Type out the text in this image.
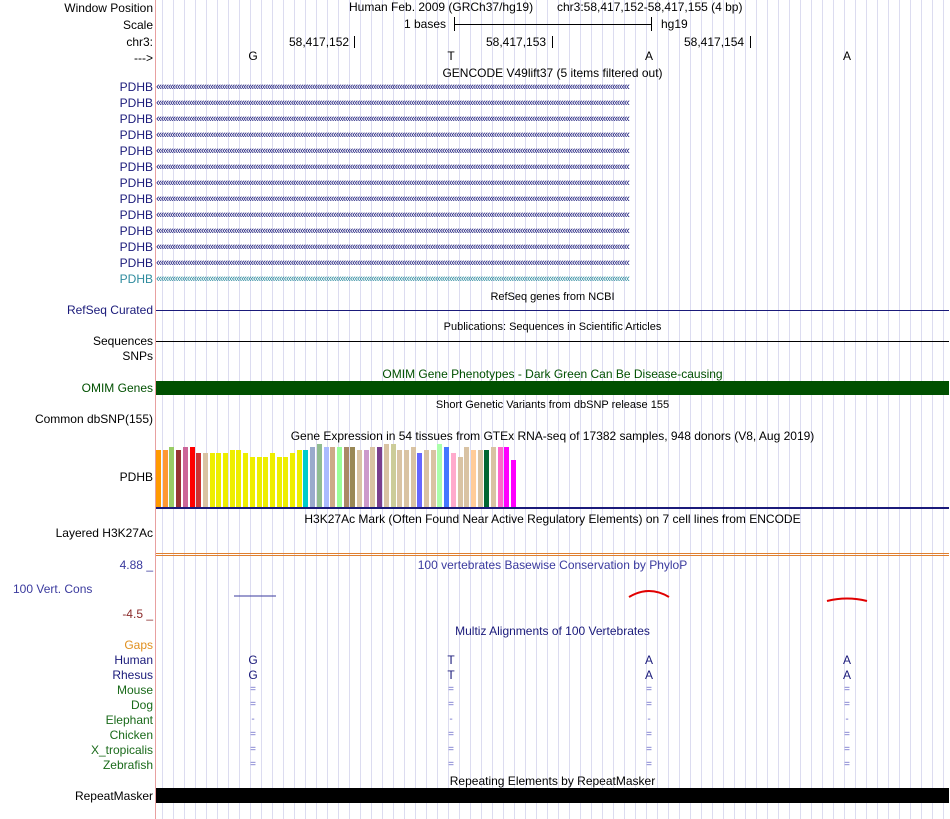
Window Position
Scale
chr3:
--->
Human Feb. 2009 (GRCh37/hg19) chr3:58,417,152-58,417,155 (4 bp)
1 bases	hg19
58,417,152	58,417,153	58,417,154
G	T	A	A
GENCODE V49lift37 (5 items filtered out)
PDHB ‹‹‹‹‹‹‹‹‹‹‹‹‹‹‹‹‹‹‹‹‹‹‹‹‹‹‹‹‹‹‹‹‹‹‹‹‹‹‹‹‹‹‹‹‹‹‹‹‹‹‹‹‹‹‹‹‹‹‹‹‹‹‹‹‹‹‹‹‹‹‹‹‹‹‹‹‹‹‹‹‹‹‹‹‹‹‹‹‹‹‹‹‹‹‹‹‹‹‹‹‹‹‹‹‹‹‹‹‹‹‹‹‹‹‹‹‹‹‹‹‹‹‹‹‹‹‹‹‹‹‹‹‹‹‹‹‹‹‹‹‹‹‹‹‹‹‹‹‹‹‹‹‹‹‹‹‹‹‹‹‹‹‹‹‹‹‹‹‹‹‹‹‹‹‹‹‹‹‹‹‹‹‹‹‹‹‹‹‹‹‹‹‹‹‹‹‹‹‹‹
PDHB ‹‹‹‹‹‹‹‹‹‹‹‹‹‹‹‹‹‹‹‹‹‹‹‹‹‹‹‹‹‹‹‹‹‹‹‹‹‹‹‹‹‹‹‹‹‹‹‹‹‹‹‹‹‹‹‹‹‹‹‹‹‹‹‹‹‹‹‹‹‹‹‹‹‹‹‹‹‹‹‹‹‹‹‹‹‹‹‹‹‹‹‹‹‹‹‹‹‹‹‹‹‹‹‹‹‹‹‹‹‹‹‹‹‹‹‹‹‹‹‹‹‹‹‹‹‹‹‹‹‹‹‹‹‹‹‹‹‹‹‹‹‹‹‹‹‹‹‹‹‹‹‹‹‹‹‹‹‹‹‹‹‹‹‹‹‹‹‹‹‹‹‹‹‹‹‹‹‹‹‹‹‹‹‹‹‹‹‹‹‹‹‹‹‹‹‹‹‹‹‹
PDHB ‹‹‹‹‹‹‹‹‹‹‹‹‹‹‹‹‹‹‹‹‹‹‹‹‹‹‹‹‹‹‹‹‹‹‹‹‹‹‹‹‹‹‹‹‹‹‹‹‹‹‹‹‹‹‹‹‹‹‹‹‹‹‹‹‹‹‹‹‹‹‹‹‹‹‹‹‹‹‹‹‹‹‹‹‹‹‹‹‹‹‹‹‹‹‹‹‹‹‹‹‹‹‹‹‹‹‹‹‹‹‹‹‹‹‹‹‹‹‹‹‹‹‹‹‹‹‹‹‹‹‹‹‹‹‹‹‹‹‹‹‹‹‹‹‹‹‹‹‹‹‹‹‹‹‹‹‹‹‹‹‹‹‹‹‹‹‹‹‹‹‹‹‹‹‹‹‹‹‹‹‹‹‹‹‹‹‹‹‹‹‹‹‹‹‹‹‹‹‹‹
PDHB ‹‹‹‹‹‹‹‹‹‹‹‹‹‹‹‹‹‹‹‹‹‹‹‹‹‹‹‹‹‹‹‹‹‹‹‹‹‹‹‹‹‹‹‹‹‹‹‹‹‹‹‹‹‹‹‹‹‹‹‹‹‹‹‹‹‹‹‹‹‹‹‹‹‹‹‹‹‹‹‹‹‹‹‹‹‹‹‹‹‹‹‹‹‹‹‹‹‹‹‹‹‹‹‹‹‹‹‹‹‹‹‹‹‹‹‹‹‹‹‹‹‹‹‹‹‹‹‹‹‹‹‹‹‹‹‹‹‹‹‹‹‹‹‹‹‹‹‹‹‹‹‹‹‹‹‹‹‹‹‹‹‹‹‹‹‹‹‹‹‹‹‹‹‹‹‹‹‹‹‹‹‹‹‹‹‹‹‹‹‹‹‹‹‹‹‹‹‹‹‹
PDHB ‹‹‹‹‹‹‹‹‹‹‹‹‹‹‹‹‹‹‹‹‹‹‹‹‹‹‹‹‹‹‹‹‹‹‹‹‹‹‹‹‹‹‹‹‹‹‹‹‹‹‹‹‹‹‹‹‹‹‹‹‹‹‹‹‹‹‹‹‹‹‹‹‹‹‹‹‹‹‹‹‹‹‹‹‹‹‹‹‹‹‹‹‹‹‹‹‹‹‹‹‹‹‹‹‹‹‹‹‹‹‹‹‹‹‹‹‹‹‹‹‹‹‹‹‹‹‹‹‹‹‹‹‹‹‹‹‹‹‹‹‹‹‹‹‹‹‹‹‹‹‹‹‹‹‹‹‹‹‹‹‹‹‹‹‹‹‹‹‹‹‹‹‹‹‹‹‹‹‹‹‹‹‹‹‹‹‹‹‹‹‹‹‹‹‹‹‹‹‹‹
PDHB ‹‹‹‹‹‹‹‹‹‹‹‹‹‹‹‹‹‹‹‹‹‹‹‹‹‹‹‹‹‹‹‹‹‹‹‹‹‹‹‹‹‹‹‹‹‹‹‹‹‹‹‹‹‹‹‹‹‹‹‹‹‹‹‹‹‹‹‹‹‹‹‹‹‹‹‹‹‹‹‹‹‹‹‹‹‹‹‹‹‹‹‹‹‹‹‹‹‹‹‹‹‹‹‹‹‹‹‹‹‹‹‹‹‹‹‹‹‹‹‹‹‹‹‹‹‹‹‹‹‹‹‹‹‹‹‹‹‹‹‹‹‹‹‹‹‹‹‹‹‹‹‹‹‹‹‹‹‹‹‹‹‹‹‹‹‹‹‹‹‹‹‹‹‹‹‹‹‹‹‹‹‹‹‹‹‹‹‹‹‹‹‹‹‹‹‹‹‹‹‹
PDHB ‹‹‹‹‹‹‹‹‹‹‹‹‹‹‹‹‹‹‹‹‹‹‹‹‹‹‹‹‹‹‹‹‹‹‹‹‹‹‹‹‹‹‹‹‹‹‹‹‹‹‹‹‹‹‹‹‹‹‹‹‹‹‹‹‹‹‹‹‹‹‹‹‹‹‹‹‹‹‹‹‹‹‹‹‹‹‹‹‹‹‹‹‹‹‹‹‹‹‹‹‹‹‹‹‹‹‹‹‹‹‹‹‹‹‹‹‹‹‹‹‹‹‹‹‹‹‹‹‹‹‹‹‹‹‹‹‹‹‹‹‹‹‹‹‹‹‹‹‹‹‹‹‹‹‹‹‹‹‹‹‹‹‹‹‹‹‹‹‹‹‹‹‹‹‹‹‹‹‹‹‹‹‹‹‹‹‹‹‹‹‹‹‹‹‹‹‹‹‹‹
PDHB ‹‹‹‹‹‹‹‹‹‹‹‹‹‹‹‹‹‹‹‹‹‹‹‹‹‹‹‹‹‹‹‹‹‹‹‹‹‹‹‹‹‹‹‹‹‹‹‹‹‹‹‹‹‹‹‹‹‹‹‹‹‹‹‹‹‹‹‹‹‹‹‹‹‹‹‹‹‹‹‹‹‹‹‹‹‹‹‹‹‹‹‹‹‹‹‹‹‹‹‹‹‹‹‹‹‹‹‹‹‹‹‹‹‹‹‹‹‹‹‹‹‹‹‹‹‹‹‹‹‹‹‹‹‹‹‹‹‹‹‹‹‹‹‹‹‹‹‹‹‹‹‹‹‹‹‹‹‹‹‹‹‹‹‹‹‹‹‹‹‹‹‹‹‹‹‹‹‹‹‹‹‹‹‹‹‹‹‹‹‹‹‹‹‹‹‹‹‹‹‹
PDHB ‹‹‹‹‹‹‹‹‹‹‹‹‹‹‹‹‹‹‹‹‹‹‹‹‹‹‹‹‹‹‹‹‹‹‹‹‹‹‹‹‹‹‹‹‹‹‹‹‹‹‹‹‹‹‹‹‹‹‹‹‹‹‹‹‹‹‹‹‹‹‹‹‹‹‹‹‹‹‹‹‹‹‹‹‹‹‹‹‹‹‹‹‹‹‹‹‹‹‹‹‹‹‹‹‹‹‹‹‹‹‹‹‹‹‹‹‹‹‹‹‹‹‹‹‹‹‹‹‹‹‹‹‹‹‹‹‹‹‹‹‹‹‹‹‹‹‹‹‹‹‹‹‹‹‹‹‹‹‹‹‹‹‹‹‹‹‹‹‹‹‹‹‹‹‹‹‹‹‹‹‹‹‹‹‹‹‹‹‹‹‹‹‹‹‹‹‹‹‹‹
PDHB ‹‹‹‹‹‹‹‹‹‹‹‹‹‹‹‹‹‹‹‹‹‹‹‹‹‹‹‹‹‹‹‹‹‹‹‹‹‹‹‹‹‹‹‹‹‹‹‹‹‹‹‹‹‹‹‹‹‹‹‹‹‹‹‹‹‹‹‹‹‹‹‹‹‹‹‹‹‹‹‹‹‹‹‹‹‹‹‹‹‹‹‹‹‹‹‹‹‹‹‹‹‹‹‹‹‹‹‹‹‹‹‹‹‹‹‹‹‹‹‹‹‹‹‹‹‹‹‹‹‹‹‹‹‹‹‹‹‹‹‹‹‹‹‹‹‹‹‹‹‹‹‹‹‹‹‹‹‹‹‹‹‹‹‹‹‹‹‹‹‹‹‹‹‹‹‹‹‹‹‹‹‹‹‹‹‹‹‹‹‹‹‹‹‹‹‹‹‹‹‹
PDHB ‹‹‹‹‹‹‹‹‹‹‹‹‹‹‹‹‹‹‹‹‹‹‹‹‹‹‹‹‹‹‹‹‹‹‹‹‹‹‹‹‹‹‹‹‹‹‹‹‹‹‹‹‹‹‹‹‹‹‹‹‹‹‹‹‹‹‹‹‹‹‹‹‹‹‹‹‹‹‹‹‹‹‹‹‹‹‹‹‹‹‹‹‹‹‹‹‹‹‹‹‹‹‹‹‹‹‹‹‹‹‹‹‹‹‹‹‹‹‹‹‹‹‹‹‹‹‹‹‹‹‹‹‹‹‹‹‹‹‹‹‹‹‹‹‹‹‹‹‹‹‹‹‹‹‹‹‹‹‹‹‹‹‹‹‹‹‹‹‹‹‹‹‹‹‹‹‹‹‹‹‹‹‹‹‹‹‹‹‹‹‹‹‹‹‹‹‹‹‹‹
PDHB ‹‹‹‹‹‹‹‹‹‹‹‹‹‹‹‹‹‹‹‹‹‹‹‹‹‹‹‹‹‹‹‹‹‹‹‹‹‹‹‹‹‹‹‹‹‹‹‹‹‹‹‹‹‹‹‹‹‹‹‹‹‹‹‹‹‹‹‹‹‹‹‹‹‹‹‹‹‹‹‹‹‹‹‹‹‹‹‹‹‹‹‹‹‹‹‹‹‹‹‹‹‹‹‹‹‹‹‹‹‹‹‹‹‹‹‹‹‹‹‹‹‹‹‹‹‹‹‹‹‹‹‹‹‹‹‹‹‹‹‹‹‹‹‹‹‹‹‹‹‹‹‹‹‹‹‹‹‹‹‹‹‹‹‹‹‹‹‹‹‹‹‹‹‹‹‹‹‹‹‹‹‹‹‹‹‹‹‹‹‹‹‹‹‹‹‹‹‹‹‹
PDHB ‹‹‹‹‹‹‹‹‹‹‹‹‹‹‹‹‹‹‹‹‹‹‹‹‹‹‹‹‹‹‹‹‹‹‹‹‹‹‹‹‹‹‹‹‹‹‹‹‹‹‹‹‹‹‹‹‹‹‹‹‹‹‹‹‹‹‹‹‹‹‹‹‹‹‹‹‹‹‹‹‹‹‹‹‹‹‹‹‹‹‹‹‹‹‹‹‹‹‹‹‹‹‹‹‹‹‹‹‹‹‹‹‹‹‹‹‹‹‹‹‹‹‹‹‹‹‹‹‹‹‹‹‹‹‹‹‹‹‹‹‹‹‹‹‹‹‹‹‹‹‹‹‹‹‹‹‹‹‹‹‹‹‹‹‹‹‹‹‹‹‹‹‹‹‹‹‹‹‹‹‹‹‹‹‹‹‹‹‹‹‹‹‹‹‹‹‹‹‹‹
RefSeq genes from NCBI
RefSeq Curated
Publications: Sequences in Scientific Articles
Sequences
SNPs
OMIM Gene Phenotypes - Dark Green Can Be Disease-causing
OMIM Genes
Short Genetic Variants from dbSNP release 155
Common dbSNP(155)
Gene Expression in 54 tissues from GTEx RNA-seq of 17382 samples, 948 donors (V8, Aug 2019)
PDHB
H3K27Ac Mark (Often Found Near Active Regulatory Elements) on 7 cell lines from ENCODE
Layered H3K27Ac
4.88 _	100 vertebrates Basewise Conservation by PhyloP
100 Vert. Cons
-4.5 _
Multiz Alignments of 100 Vertebrates
Gaps
Human	G	T	A	A
Rhesus	G	T	A	A
Mouse	=	=	=	=
Dog	=	=	=	=
Elephant	-	-	-	-
Chicken	=	=	=	=
X_tropicalis	=	=	=	=
Zebrafish	=	=	=	=
Repeating Elements by RepeatMasker
RepeatMasker
